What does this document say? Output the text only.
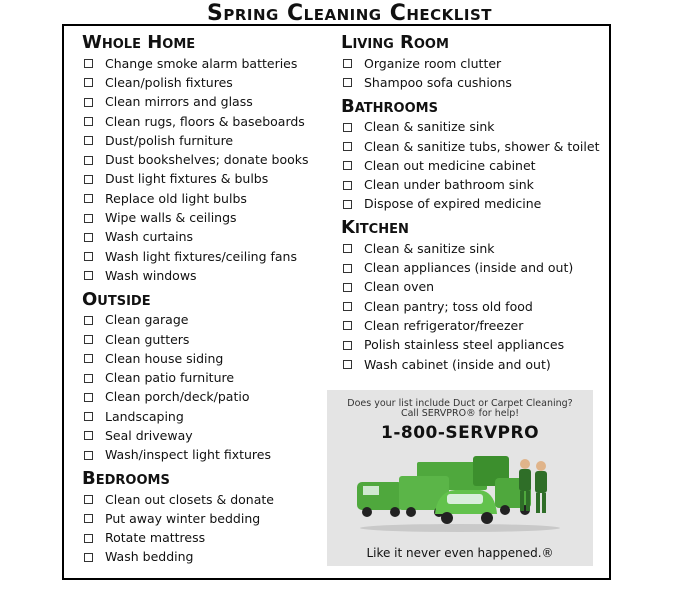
Spring Cleaning Checklist
Whole Home
Change smoke alarm batteries
Clean/polish fixtures
Clean mirrors and glass
Clean rugs, floors & baseboards
Dust/polish furniture
Dust bookshelves; donate books
Dust light fixtures & bulbs
Replace old light bulbs
Wipe walls & ceilings
Wash curtains
Wash light fixtures/ceiling fans
Wash windows
Outside
Clean garage
Clean gutters
Clean house siding
Clean patio furniture
Clean porch/deck/patio
Landscaping
Seal driveway
Wash/inspect light fixtures
Bedrooms
Clean out closets & donate
Put away winter bedding
Rotate mattress
Wash bedding
Living Room
Organize room clutter
Shampoo sofa cushions
Bathrooms
Clean & sanitize sink
Clean & sanitize tubs, shower & toilet
Clean out medicine cabinet
Clean under bathroom sink
Dispose of expired medicine
Kitchen
Clean & sanitize sink
Clean appliances (inside and out)
Clean oven
Clean pantry; toss old food
Clean refrigerator/freezer
Polish stainless steel appliances
Wash cabinet (inside and out)
Does your list include Duct or Carpet Cleaning?
Call SERVPRO® for help!
1-800-SERVPRO
Like it never even happened.®
